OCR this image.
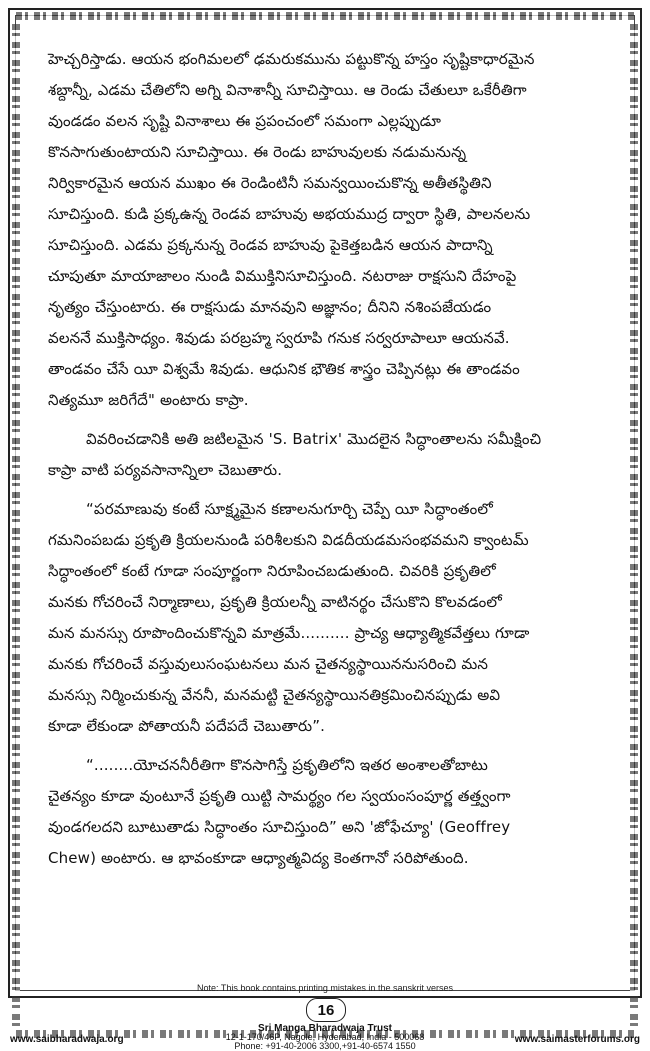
హెచ్చరిస్తాడు. ఆయన భంగిమలలో ఢమరుకమును పట్టుకొన్న హస్తం సృష్టికాధారమైన

శబ్దాన్నీ, ఎడమ చేతిలోని అగ్ని వినాశాన్నీ సూచిస్తాయి. ఆ రెండు చేతులూ ఒకేరీతిగా

వుండడం వలన సృష్టి వినాశాలు ఈ ప్రపంచంలో సమంగా ఎల్లప్పుడూ

కొనసాగుతుంటాయని సూచిస్తాయి. ఈ రెండు బాహువులకు నడుమనున్న

నిర్వికారమైన ఆయన ముఖం ఈ రెండింటినీ సమన్వయించుకొన్న అతీతస్థితిని

సూచిస్తుంది. కుడి ప్రక్కఉన్న రెండవ బాహువు అభయముద్ర ద్వారా స్థితి, పాలనలను

సూచిస్తుంది. ఎడమ ప్రక్కనున్న రెండవ బాహువు పైకెత్తబడిన ఆయన పాదాన్ని

చూపుతూ మాయాజాలం నుండి విముక్తినిసూచిస్తుంది. నటరాజు రాక్షసుని దేహంపై

నృత్యం చేస్తుంటారు. ఈ రాక్షసుడు మానవుని అజ్ఞానం; దీనిని నశింపజేయడం

వలననే ముక్తిసాధ్యం. శివుడు పరబ్రహ్మ స్వరూపి గనుక సర్వరూపాలూ ఆయనవే.

తాండవం చేసే యీ విశ్వమే శివుడు. ఆధునిక భౌతిక శాస్త్రం చెప్పినట్లు ఈ తాండవం

నిత్యమూ జరిగేదే" అంటారు కాప్రా.

వివరించడానికి అతి జటిలమైన 'S. Batrix' మొదలైన సిద్ధాంతాలను సమీక్షించి

కాప్రా వాటి పర్యవసానాన్నిలా చెబుతారు.

“పరమాణువు కంటే సూక్ష్మమైన కణాలనుగూర్చి చెప్పే యీ సిద్ధాంతంలో

గమనింపబడు ప్రకృతి క్రియలనుండి పరిశీలకుని విడదీయడమసంభవమని క్వాంటమ్

సిద్ధాంతంలో కంటే గూడా సంపూర్ణంగా నిరూపించబడుతుంది. చివరికి ప్రకృతిలో

మనకు గోచరించే నిర్మాణాలు, ప్రకృతి క్రియలన్నీ వాటినర్థం చేసుకొని కొలవడంలో

మన మనస్సు రూపొందించుకొన్నవి మాత్రమే.......... ప్రాచ్య ఆధ్యాత్మికవేత్తలు గూడా

మనకు గోచరించే వస్తువులుసంఘటనలు మన చైతన్యస్థాయిననుసరించి మన

మనస్సు నిర్మించుకున్న వేననీ, మనమట్టి చైతన్యస్థాయినతిక్రమించినప్పుడు అవి

కూడా లేకుండా పోతాయనీ పదేపదే చెబుతారు”.

“........యోచననీరీతిగా కొనసాగిస్తే ప్రకృతిలోని ఇతర అంశాలతోబాటు

చైతన్యం కూడా వుంటూనే ప్రకృతి యిట్టి సామర్థ్యం గల స్వయంసంపూర్ణ తత్త్వంగా

వుండగలదని బూటుతాడు సిద్ధాంతం సూచిస్తుంది” అని 'జోఫేచ్యూ' (Geoffrey

Chew) అంటారు. ఆ భావంకూడా ఆధ్యాత్మవిద్య కెంతగానో సరిపోతుంది.

Note: This book contains printing mistakes in the sanskrit verses
16
www.saibharadwaja.org
Sri Manga Bharadwaja Trust
12-1-170/46P, Nagole, Hyderabad, India - 500068
Phone: +91-40-2006 3300,+91-40-6574 1550
www.saimasterforums.org
